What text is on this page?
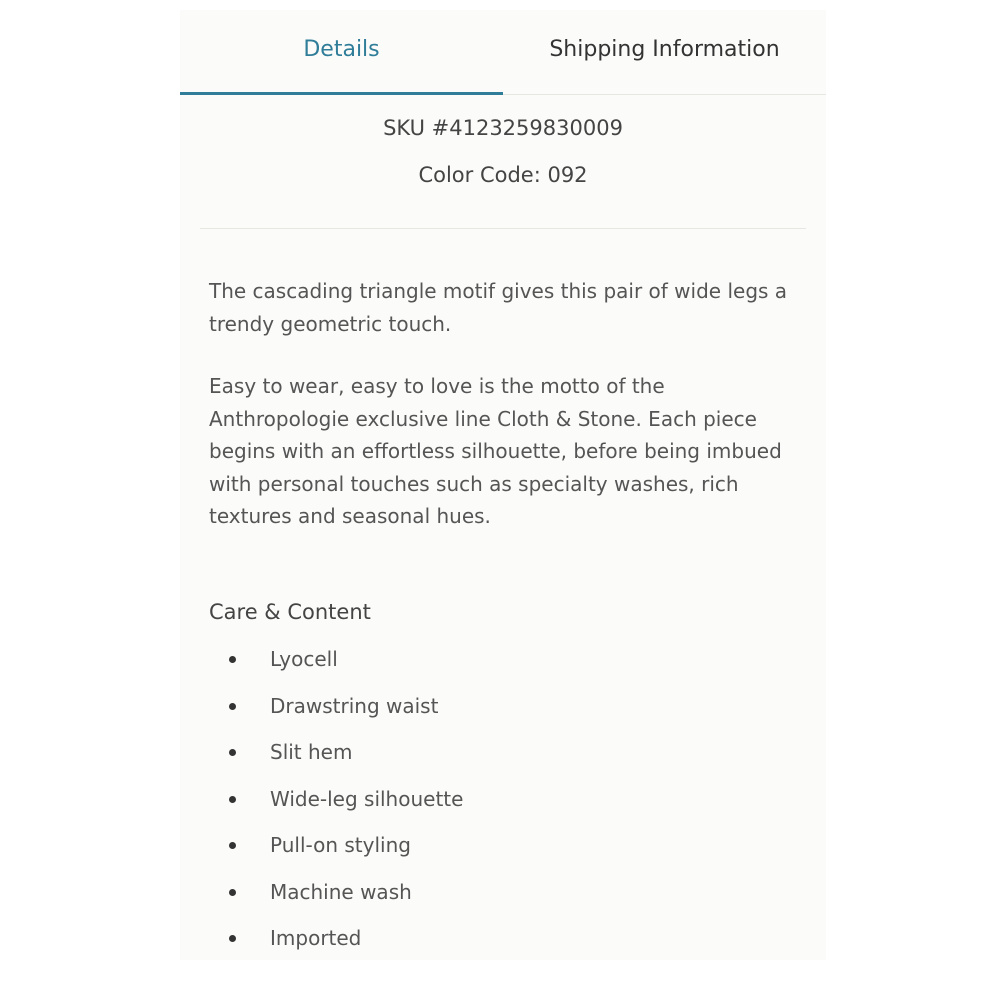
Details	Shipping Information
SKU #4123259830009
Color Code: 092

The cascading triangle motif gives this pair of wide legs a trendy geometric touch.

Easy to wear, easy to love is the motto of the Anthropologie exclusive line Cloth & Stone. Each piece begins with an effortless silhouette, before being imbued with personal touches such as specialty washes, rich textures and seasonal hues.

Care & Content
Lyocell
Drawstring waist
Slit hem
Wide-leg silhouette
Pull-on styling
Machine wash
Imported
